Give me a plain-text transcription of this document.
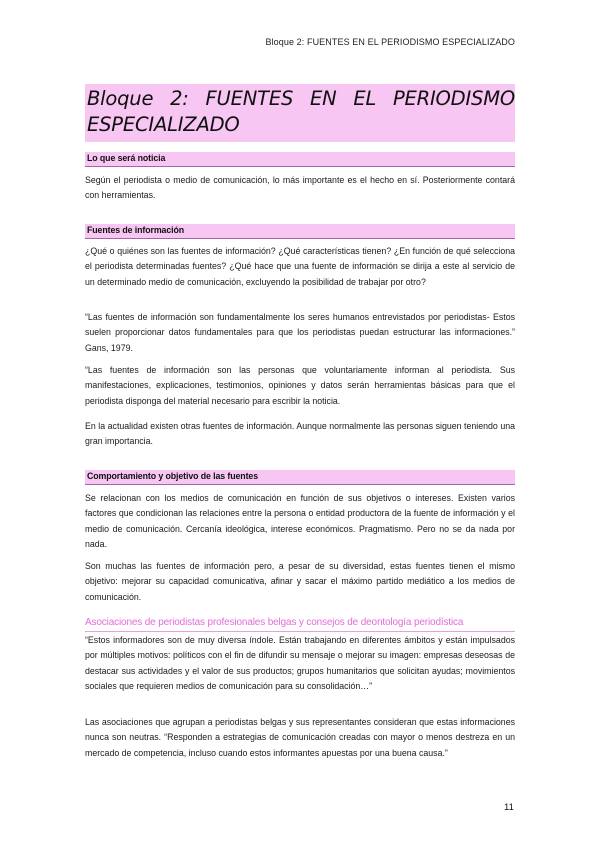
Bloque 2: FUENTES EN EL PERIODISMO ESPECIALIZADO
Bloque 2: FUENTES EN EL PERIODISMO
ESPECIALIZADO
Lo que será noticia

Según el periodista o medio de comunicación, lo más importante es el hecho en sí. Posteriormente contará con herramientas.

Fuentes de información

¿Qué o quiénes son las fuentes de información? ¿Qué características tienen? ¿En función de qué selecciona el periodista determinadas fuentes? ¿Qué hace que una fuente de información se dirija a este al servicio de un determinado medio de comunicación, excluyendo la posibilidad de trabajar por otro?

“Las fuentes de información son fundamentalmente los seres humanos entrevistados por periodistas- Estos suelen proporcionar datos fundamentales para que los periodistas puedan estructurar las informaciones.” Gans, 1979.

“Las fuentes de información son las personas que voluntariamente informan al periodista. Sus manifestaciones, explicaciones, testimonios, opiniones y datos serán herramientas básicas para que el periodista disponga del material necesario para escribir la noticia.

En la actualidad existen otras fuentes de información. Aunque normalmente las personas siguen teniendo una gran importancia.

Comportamiento y objetivo de las fuentes

Se relacionan con los medios de comunicación en función de sus objetivos o intereses. Existen varios factores que condicionan las relaciones entre la persona o entidad productora de la fuente de información y el medio de comunicación. Cercanía ideológica, interese económicos. Pragmatismo. Pero no se da nada por nada.

Son muchas las fuentes de información pero, a pesar de su diversidad, estas fuentes tienen el mismo objetivo: mejorar su capacidad comunicativa, afinar y sacar el máximo partido mediático a los medios de comunicación.

Asociaciones de periodistas profesionales belgas y consejos de deontología periodística

“Estos informadores son de muy diversa índole. Están trabajando en diferentes ámbitos y están impulsados por múltiples motivos: políticos con el fin de difundir su mensaje o mejorar su imagen: empresas deseosas de destacar sus actividades y el valor de sus productos; grupos humanitarios que solicitan ayudas; movimientos sociales que requieren medios de comunicación para su consolidación…”

Las asociaciones que agrupan a periodistas belgas y sus representantes consideran que estas informaciones nunca son neutras. “Responden a estrategias de comunicación creadas con mayor o menos destreza en un mercado de competencia, incluso cuando estos informantes apuestas por una buena causa.”

11
